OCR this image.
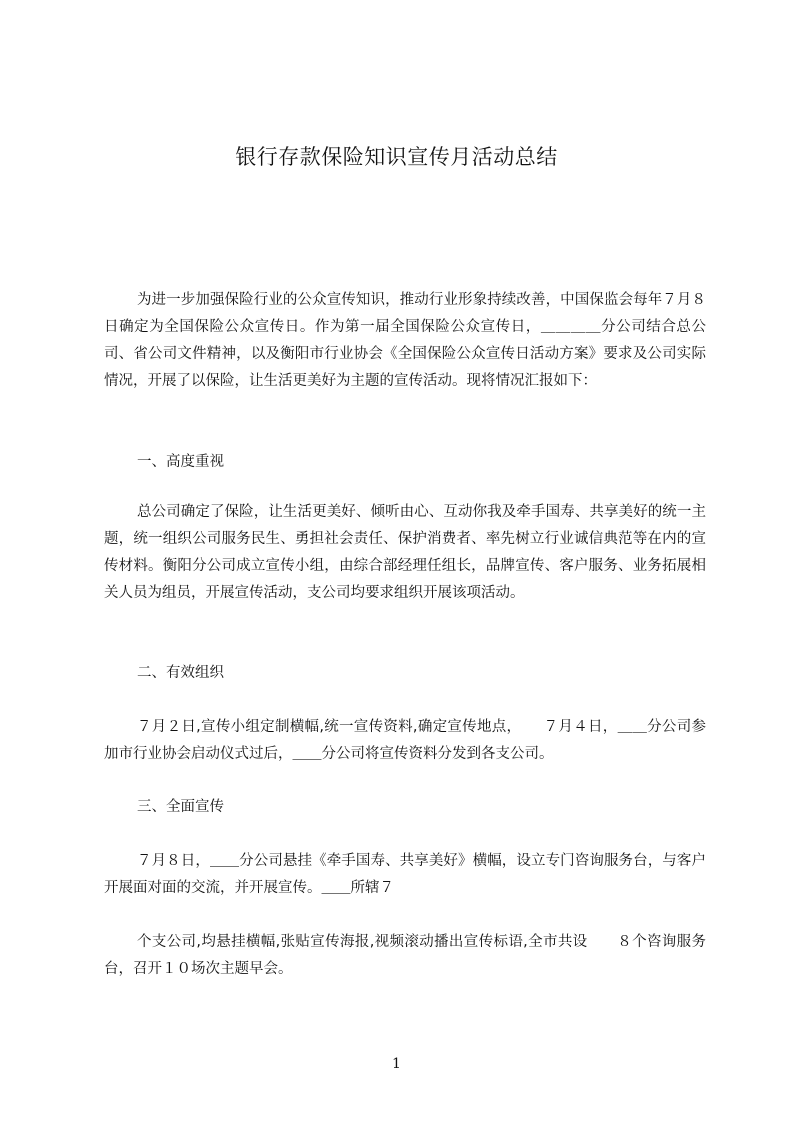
银行存款保险知识宣传月活动总结

为进一步加强保险行业的公众宣传知识，推动行业形象持续改善，中国保监会每年７月８日确定为全国保险公众宣传日。作为第一届全国保险公众宣传日，＿＿＿＿分公司结合总公司、省公司文件精神，以及衡阳市行业协会《全国保险公众宣传日活动方案》要求及公司实际情况，开展了以保险，让生活更美好为主题的宣传活动。现将情况汇报如下：

一、高度重视

总公司确定了保险，让生活更美好、倾听由心、互动你我及牵手国寿、共享美好的统一主题，统一组织公司服务民生、勇担社会责任、保护消费者、率先树立行业诚信典范等在内的宣传材料。衡阳分公司成立宣传小组，由综合部经理任组长，品牌宣传、客户服务、业务拓展相关人员为组员，开展宣传活动，支公司均要求组织开展该项活动。

二、有效组织

７月２日,宣传小组定制横幅,统一宣传资料,确定宣传地点，　　７月４日，＿＿分公司参加市行业协会启动仪式过后，＿＿分公司将宣传资料分发到各支公司。

三、全面宣传

７月８日，＿＿分公司悬挂《牵手国寿、共享美好》横幅，设立专门咨询服务台，与客户开展面对面的交流，并开展宣传。＿＿所辖７

个支公司,均悬挂横幅,张贴宣传海报,视频滚动播出宣传标语,全市共设　　８个咨询服务台，召开１０场次主题早会。

1
